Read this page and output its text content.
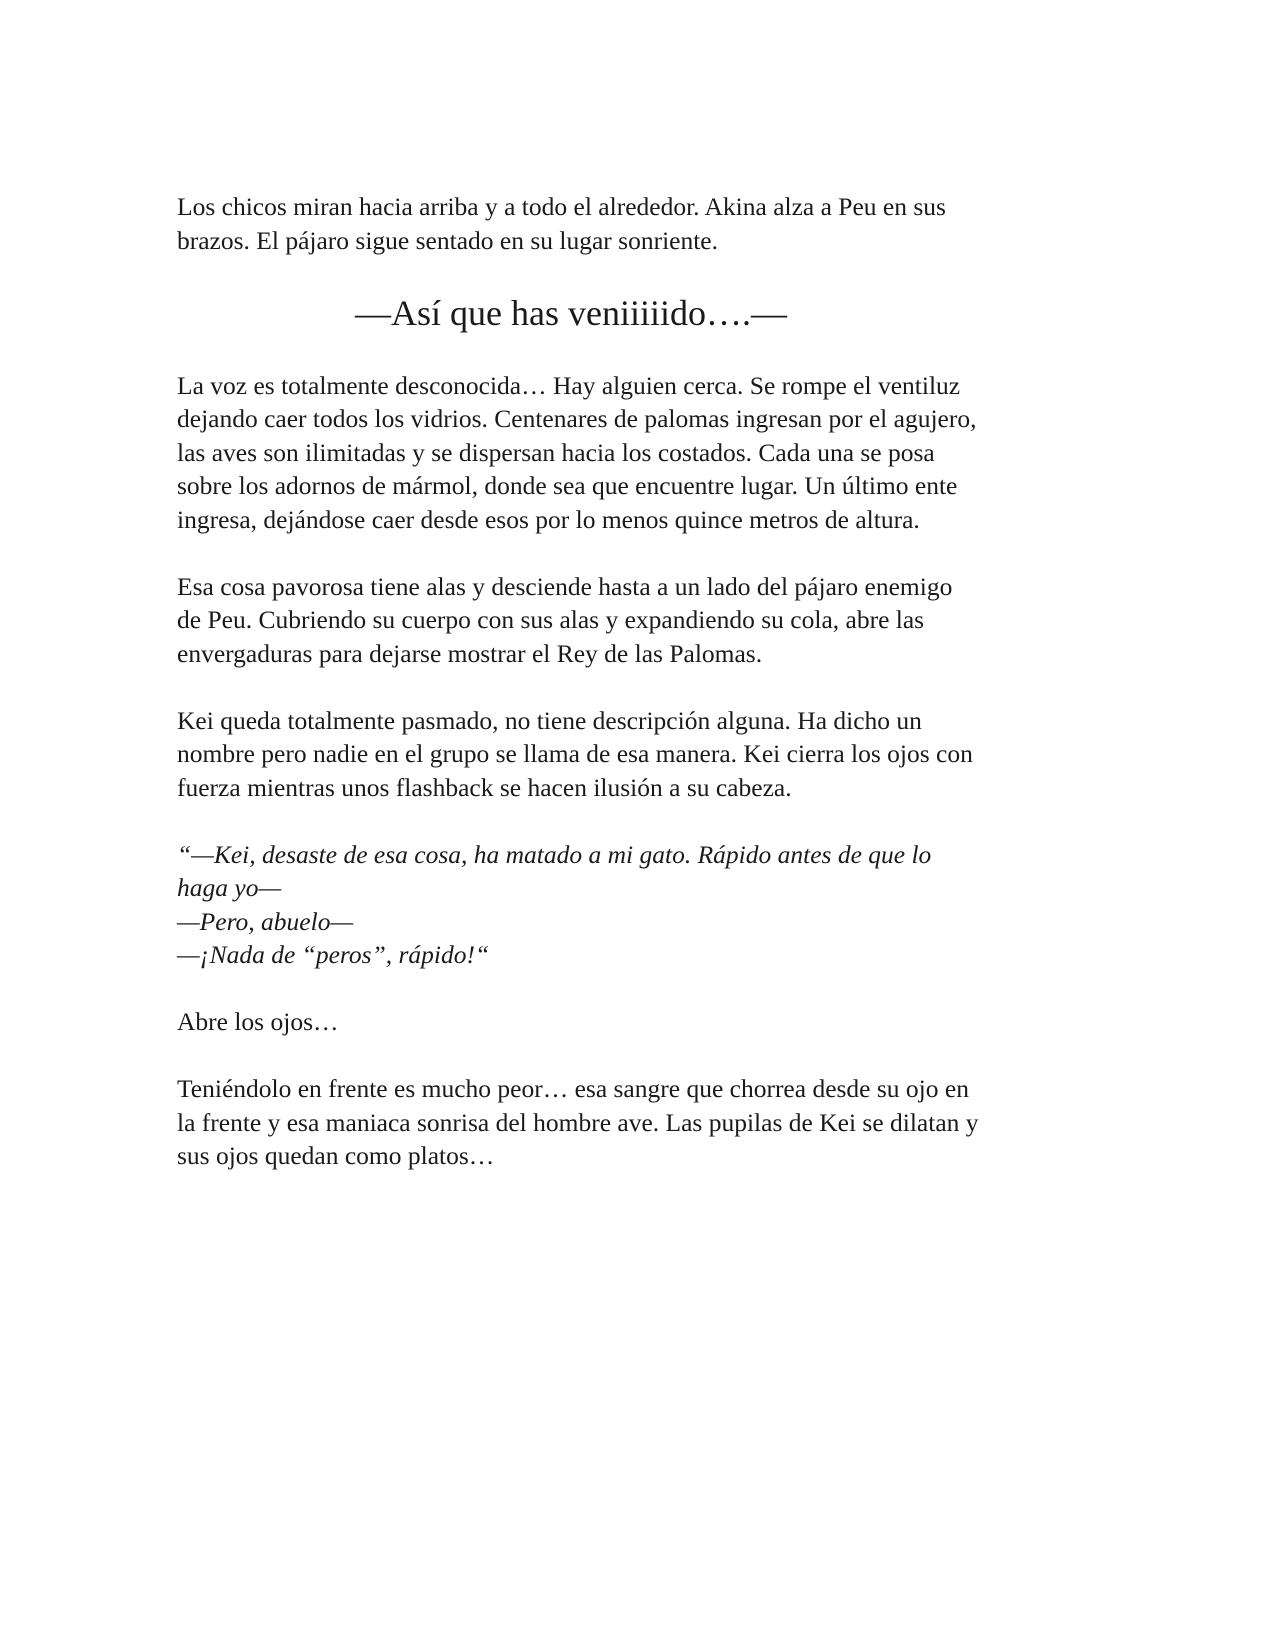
Los chicos miran hacia arriba y a todo el alrededor. Akina alza a Peu en sus
brazos. El pájaro sigue sentado en su lugar sonriente.

—Así que has veniiiiido….—

La voz es totalmente desconocida… Hay alguien cerca. Se rompe el ventiluz
dejando caer todos los vidrios. Centenares de palomas ingresan por el agujero,
las aves son ilimitadas y se dispersan hacia los costados. Cada una se posa
sobre los adornos de mármol, donde sea que encuentre lugar. Un último ente
ingresa, dejándose caer desde esos por lo menos quince metros de altura.

Esa cosa pavorosa tiene alas y desciende hasta a un lado del pájaro enemigo
de Peu. Cubriendo su cuerpo con sus alas y expandiendo su cola, abre las
envergaduras para dejarse mostrar el Rey de las Palomas.

Kei queda totalmente pasmado, no tiene descripción alguna. Ha dicho un
nombre pero nadie en el grupo se llama de esa manera. Kei cierra los ojos con
fuerza mientras unos flashback se hacen ilusión a su cabeza.

“—Kei, desaste de esa cosa, ha matado a mi gato. Rápido antes de que lo
haga yo—
—Pero, abuelo—
—¡Nada de “peros”, rápido!“

Abre los ojos…

Teniéndolo en frente es mucho peor… esa sangre que chorrea desde su ojo en
la frente y esa maniaca sonrisa del hombre ave. Las pupilas de Kei se dilatan y
sus ojos quedan como platos…
